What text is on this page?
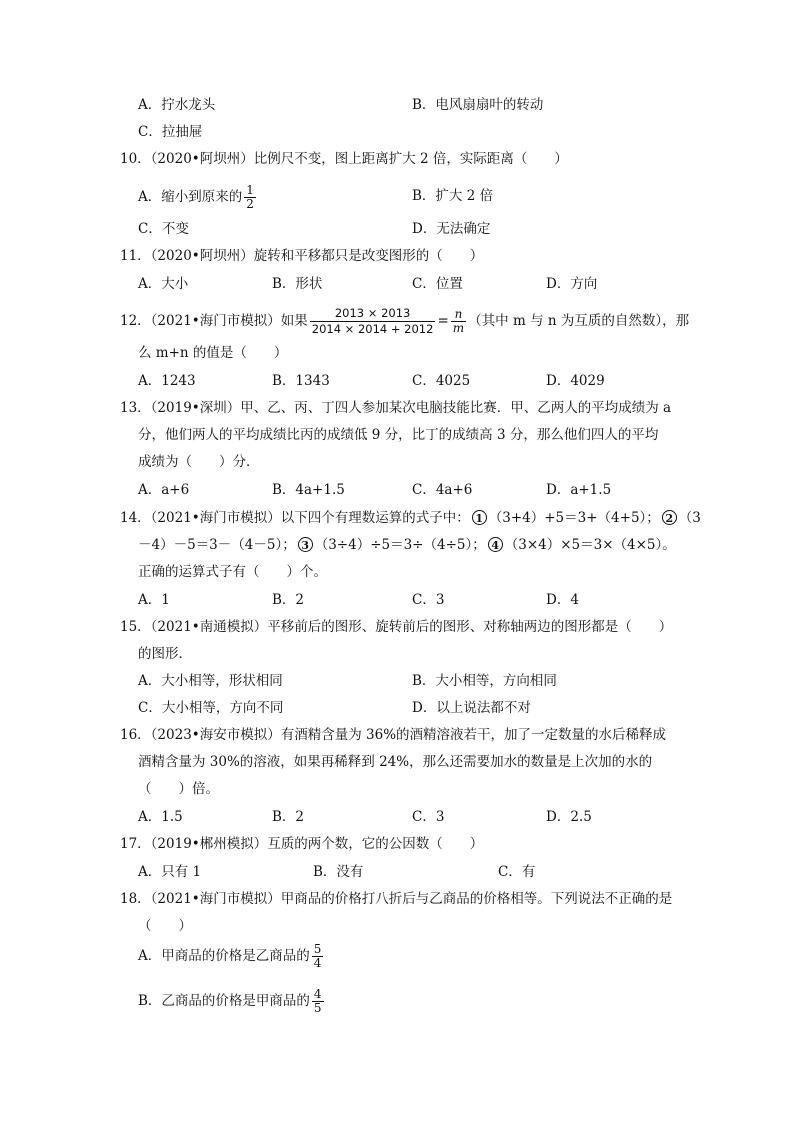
A．拧水龙头	B．电风扇扇叶的转动
C．拉抽屉
10．（2020•阿坝州）比例尺不变，图上距离扩大 2 倍，实际距离（　　）
A．缩小到原来的 $\frac{1}{2}$	B．扩大 2 倍
C．不变	D．无法确定
11．（2020•阿坝州）旋转和平移都只是改变图形的（　　）
A．大小	B．形状	C．位置	D．方向
12．（2021•海门市模拟）如果 $\frac{2013 \times 2013}{2014 \times 2014 + 2012} = \frac{n}{m}$ （其中 m 与 n 为互质的自然数），那
么 m+n 的值是（　　）
A．1243	B．1343	C．4025	D．4029
13．（2019•深圳）甲、乙、丙、丁四人参加某次电脑技能比赛．甲、乙两人的平均成绩为 a
分，他们两人的平均成绩比丙的成绩低 9 分，比丁的成绩高 3 分，那么他们四人的平均
成绩为（　　）分．
A．a+6	B．4a+1.5	C．4a+6	D．a+1.5
14．（2021•海门市模拟）以下四个有理数运算的式子中： 1 （3+4）+5＝3+（4+5）； 2 （3
－4）－5＝3－（4－5）； 3 （3÷4）÷5＝3÷（4÷5）； 4 （3×4）×5＝3×（4×5）。
正确的运算式子有（　　）个。
A．1	B．2	C．3	D．4
15．（2021•南通模拟）平移前后的图形、旋转前后的图形、对称轴两边的图形都是（　　）
的图形．
A．大小相等，形状相同	B．大小相等，方向相同
C．大小相等，方向不同	D．以上说法都不对
16．（2023•海安市模拟）有酒精含量为 36%的酒精溶液若干，加了一定数量的水后稀释成
酒精含量为 30%的溶液，如果再稀释到 24%，那么还需要加水的数量是上次加的水的
（　　）倍。
A．1.5	B．2	C．3	D．2.5
17．（2019•郴州模拟）互质的两个数，它的公因数（　　）
A．只有 1	B．没有	C．有
18．（2021•海门市模拟）甲商品的价格打八折后与乙商品的价格相等。下列说法不正确的是
（　　）
A．甲商品的价格是乙商品的 $\frac{5}{4}$
B．乙商品的价格是甲商品的 $\frac{4}{5}$
